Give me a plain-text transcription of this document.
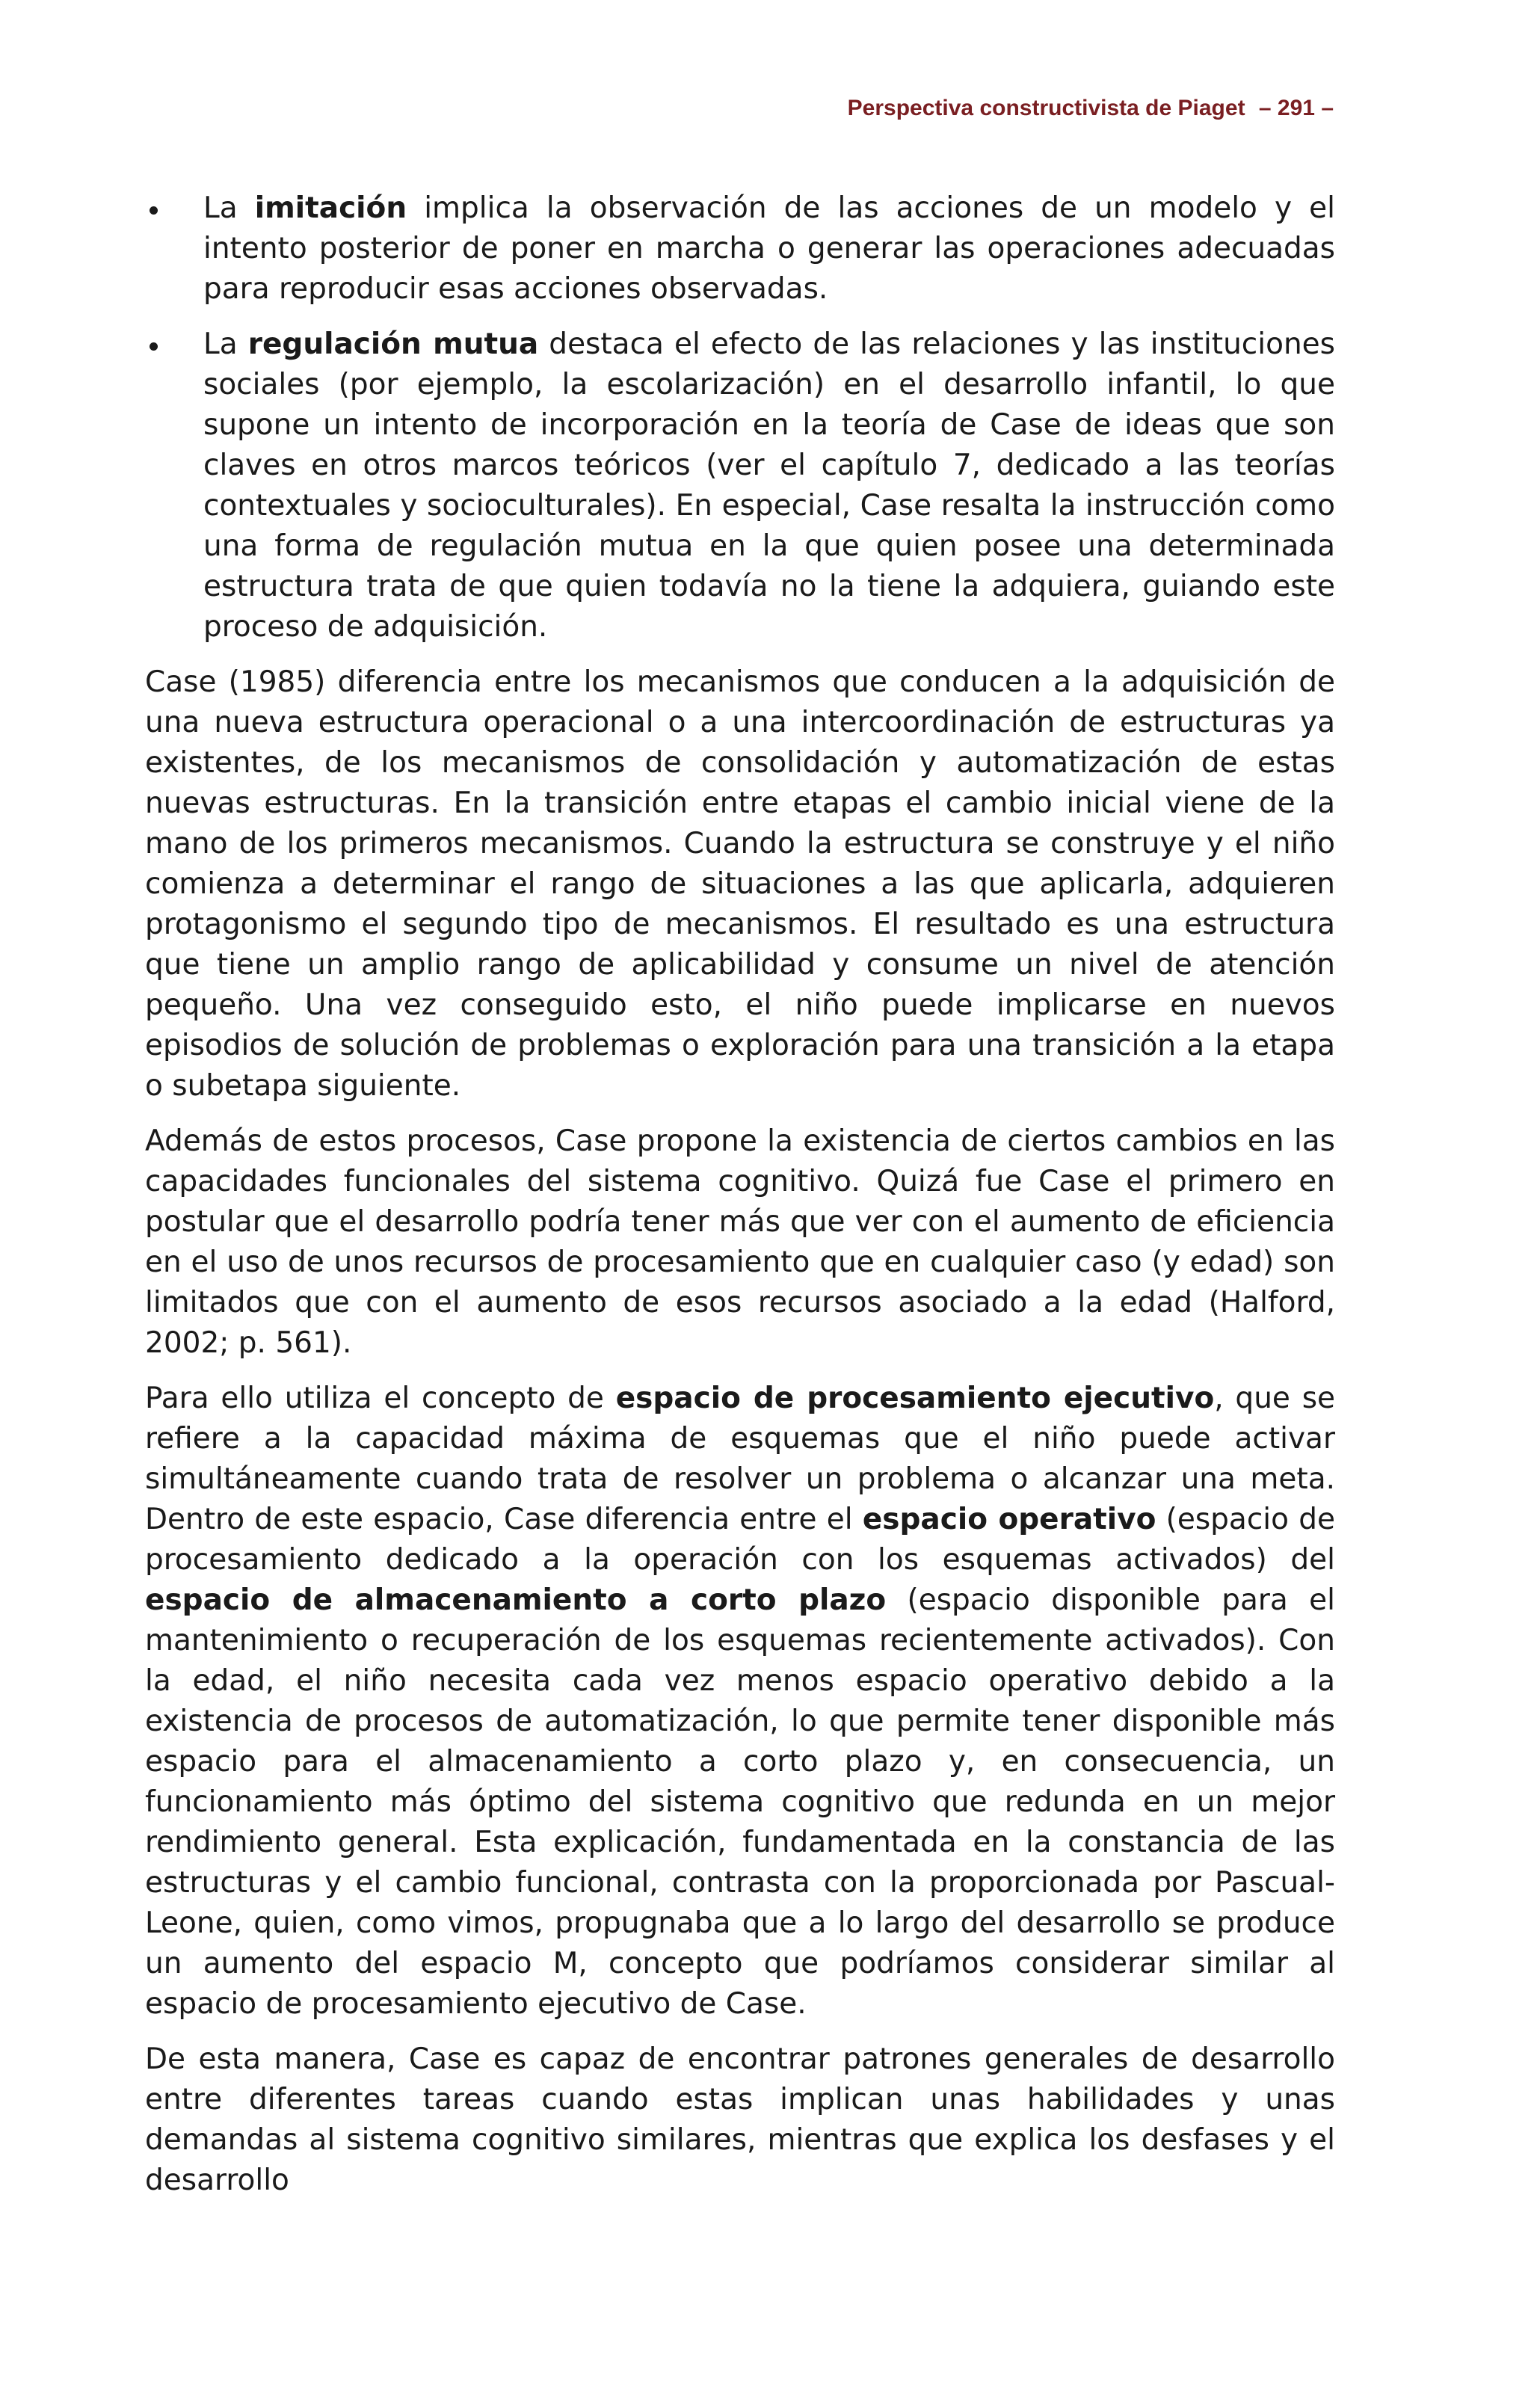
Perspectiva constructivista de Piaget – 291 –
La imitación implica la observación de las acciones de un modelo y el intento posterior de poner en marcha o generar las operaciones adecuadas para reproducir esas acciones observadas.
La regulación mutua destaca el efecto de las relaciones y las instituciones sociales (por ejemplo, la escolarización) en el desarrollo infantil, lo que supone un intento de incorporación en la teoría de Case de ideas que son claves en otros marcos teóricos (ver el capítulo 7, dedicado a las teorías contextuales y socioculturales). En especial, Case resalta la instrucción como una forma de regulación mutua en la que quien posee una determinada estructura trata de que quien todavía no la tiene la adquiera, guiando este proceso de adquisición.

Case (1985) diferencia entre los mecanismos que conducen a la adquisición de una nueva estructura operacional o a una intercoordinación de estructuras ya existentes, de los mecanismos de consolidación y automatización de estas nuevas estructuras. En la transición entre etapas el cambio inicial viene de la mano de los primeros mecanismos. Cuando la estructura se construye y el niño comienza a determinar el rango de situaciones a las que aplicarla, adquieren protagonismo el segundo tipo de mecanismos. El resultado es una estructura que tiene un amplio rango de aplicabilidad y consume un nivel de atención pequeño. Una vez conseguido esto, el niño puede implicarse en nuevos episodios de solución de problemas o exploración para una transición a la etapa o subetapa siguiente.

Además de estos procesos, Case propone la existencia de ciertos cambios en las capacidades funcionales del sistema cognitivo. Quizá fue Case el primero en postular que el desarrollo podría tener más que ver con el aumento de eficiencia en el uso de unos recursos de procesamiento que en cualquier caso (y edad) son limitados que con el aumento de esos recursos asociado a la edad (Halford, 2002; p. 561).

Para ello utiliza el concepto de espacio de procesamiento ejecutivo, que se refiere a la capacidad máxima de esquemas que el niño puede activar simultáneamente cuando trata de resolver un problema o alcanzar una meta. Dentro de este espacio, Case diferencia entre el espacio operativo (espacio de procesamiento dedicado a la operación con los esquemas activados) del espacio de almacenamiento a corto plazo (espacio disponible para el mantenimiento o recuperación de los esquemas recientemente activados). Con la edad, el niño necesita cada vez menos espacio operativo debido a la existencia de procesos de automatización, lo que permite tener disponible más espacio para el almacenamiento a corto plazo y, en consecuencia, un funcionamiento más óptimo del sistema cognitivo que redunda en un mejor rendimiento general. Esta explicación, fundamentada en la constancia de las estructuras y el cambio funcional, contrasta con la proporcionada por Pascual-Leone, quien, como vimos, propugnaba que a lo largo del desarrollo se produce un aumento del espacio M, concepto que podríamos considerar similar al espacio de procesamiento ejecutivo de Case.

De esta manera, Case es capaz de encontrar patrones generales de desarrollo entre diferentes tareas cuando estas implican unas habilidades y unas demandas al sistema cognitivo similares, mientras que explica los desfases y el desarrollo
